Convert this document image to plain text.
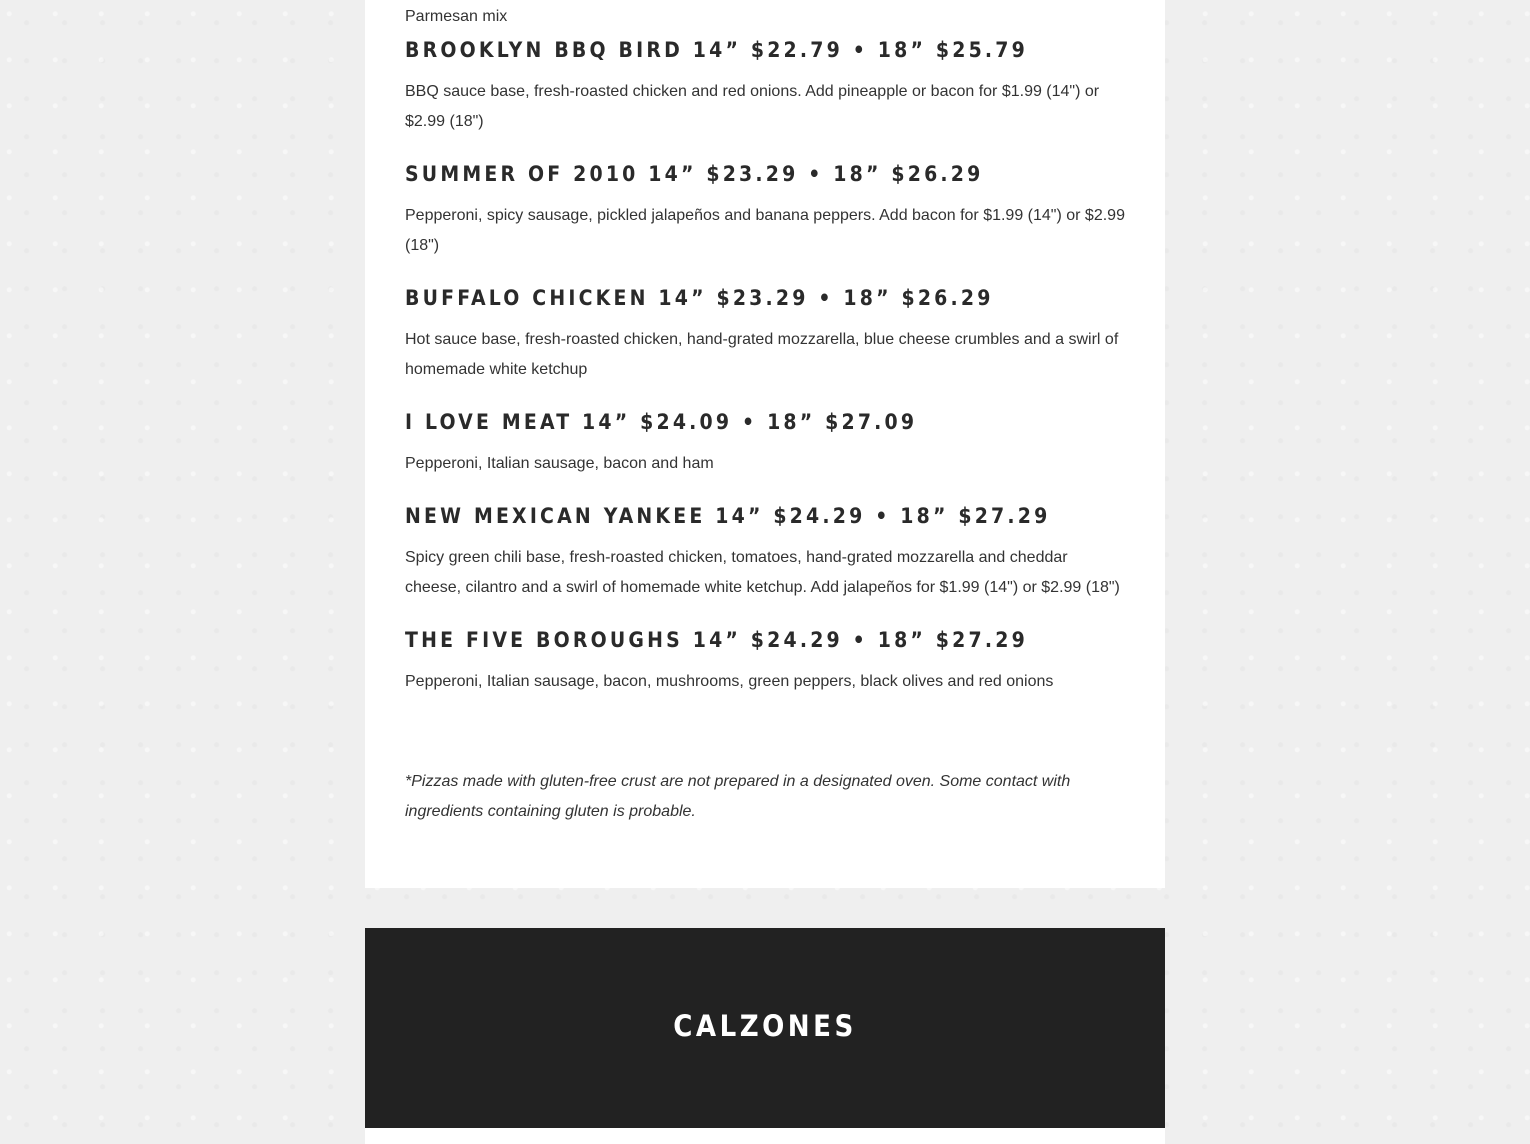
Parmesan mix

BROOKLYN BBQ BIRD 14” $22.79 • 18” $25.79

BBQ sauce base, fresh-roasted chicken and red onions. Add pineapple or bacon for $1.99 (14") or $2.99 (18")

SUMMER OF 2010 14” $23.29 • 18” $26.29

Pepperoni, spicy sausage, pickled jalapeños and banana peppers. Add bacon for $1.99 (14") or $2.99 (18")

BUFFALO CHICKEN 14” $23.29 • 18” $26.29

Hot sauce base, fresh-roasted chicken, hand-grated mozzarella, blue cheese crumbles and a swirl of homemade white ketchup

I LOVE MEAT 14” $24.09 • 18” $27.09

Pepperoni, Italian sausage, bacon and ham

NEW MEXICAN YANKEE 14” $24.29 • 18” $27.29

Spicy green chili base, fresh-roasted chicken, tomatoes, hand-grated mozzarella and cheddar cheese, cilantro and a swirl of homemade white ketchup. Add jalapeños for $1.99 (14") or $2.99 (18")

THE FIVE BOROUGHS 14” $24.29 • 18” $27.29

Pepperoni, Italian sausage, bacon, mushrooms, green peppers, black olives and red onions

*Pizzas made with gluten-free crust are not prepared in a designated oven. Some contact with ingredients containing gluten is probable.

CALZONES
